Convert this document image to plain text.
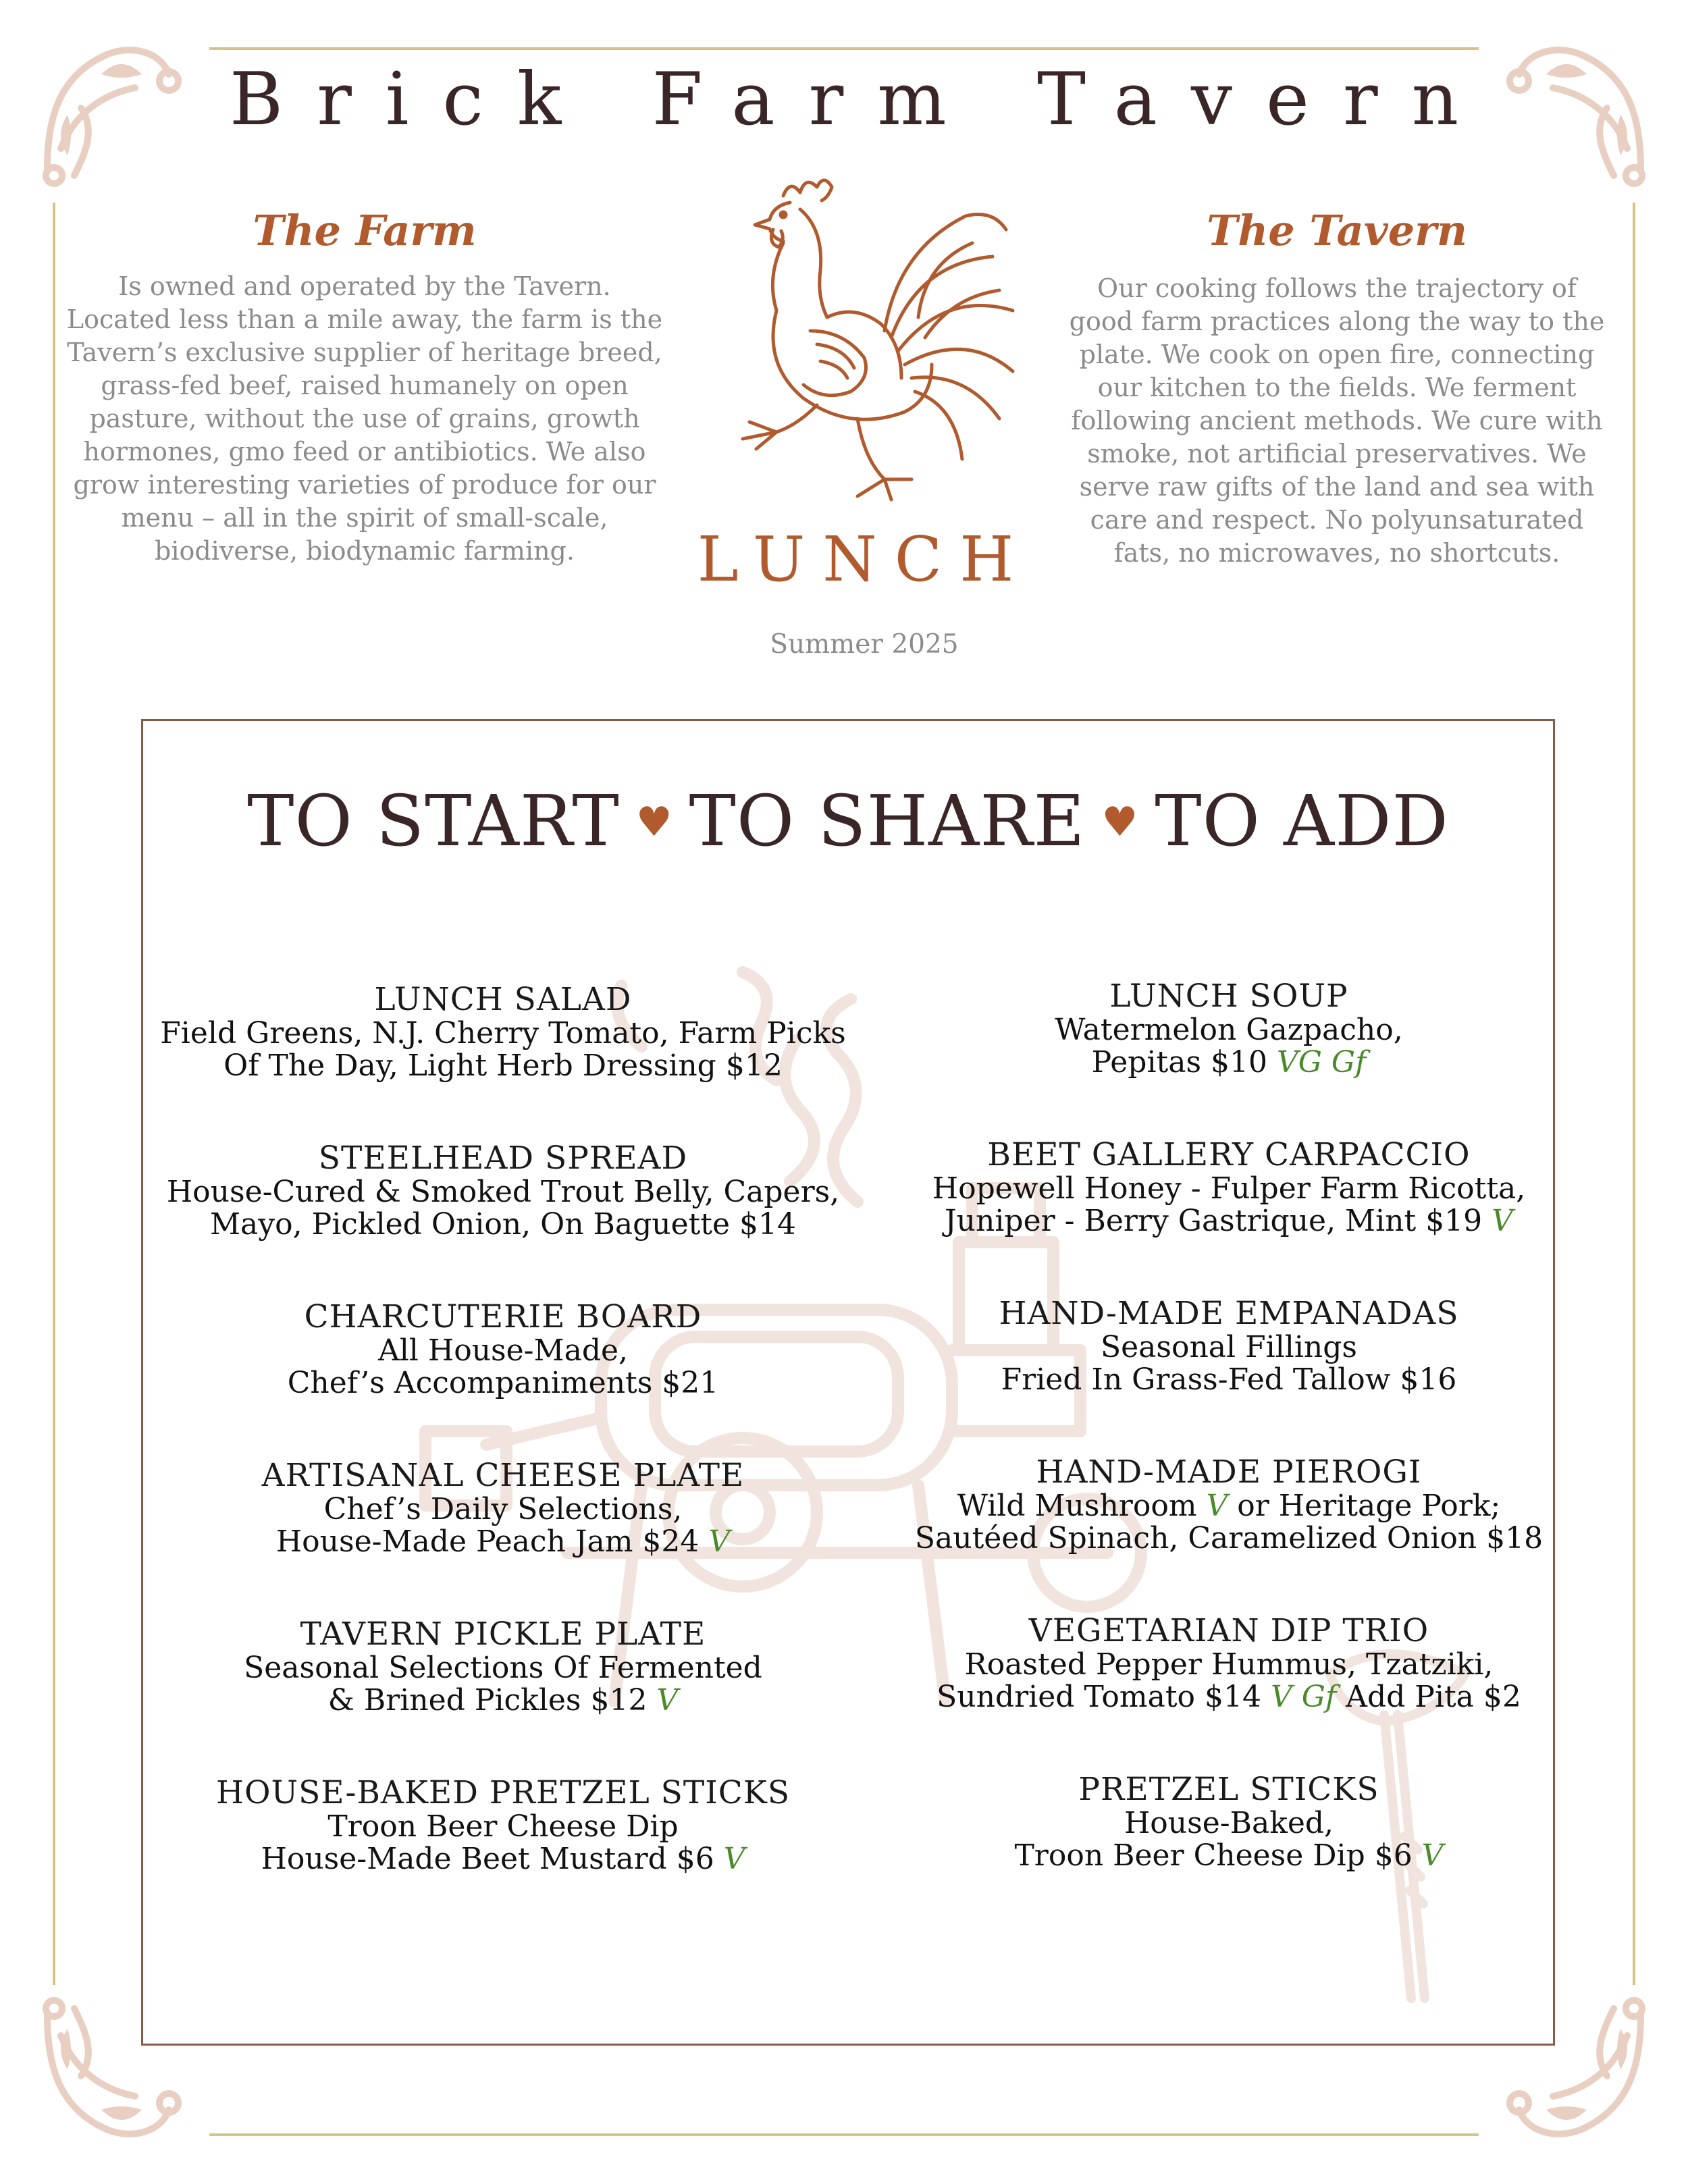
Brick Farm Tavern
The Farm
Is owned and operated by the Tavern.
Located less than a mile away, the farm is the
Tavern’s exclusive supplier of heritage breed,
grass-fed beef, raised humanely on open
pasture, without the use of grains, growth
hormones, gmo feed or antibiotics. We also
grow interesting varieties of produce for our
menu – all in the spirit of small-scale,
biodiverse, biodynamic farming.
The Tavern
Our cooking follows the trajectory of
good farm practices along the way to the
plate. We cook on open fire, connecting
our kitchen to the fields. We ferment
following ancient methods. We cure with
smoke, not artificial preservatives. We
serve raw gifts of the land and sea with
care and respect. No polyunsaturated
fats, no microwaves, no shortcuts.
LUNCH
Summer 2025
TO START ♥ TO SHARE ♥ TO ADD
LUNCH SALAD
Field Greens, N.J. Cherry Tomato, Farm Picks
Of The Day, Light Herb Dressing $12
STEELHEAD SPREAD
House-Cured & Smoked Trout Belly, Capers,
Mayo, Pickled Onion, On Baguette $14
CHARCUTERIE BOARD
All House-Made,
Chef’s Accompaniments $21
ARTISANAL CHEESE PLATE
Chef’s Daily Selections,
House-Made Peach Jam $24 V
TAVERN PICKLE PLATE
Seasonal Selections Of Fermented
& Brined Pickles $12 V
HOUSE-BAKED PRETZEL STICKS
Troon Beer Cheese Dip
House-Made Beet Mustard $6 V
LUNCH SOUP
Watermelon Gazpacho,
Pepitas $10 VG Gf
BEET GALLERY CARPACCIO
Hopewell Honey - Fulper Farm Ricotta,
Juniper - Berry Gastrique, Mint $19 V
HAND-MADE EMPANADAS
Seasonal Fillings
Fried In Grass-Fed Tallow $16
HAND-MADE PIEROGI
Wild Mushroom V or Heritage Pork;
Sautéed Spinach, Caramelized Onion $18
VEGETARIAN DIP TRIO
Roasted Pepper Hummus, Tzatziki,
Sundried Tomato $14 V Gf Add Pita $2
PRETZEL STICKS
House-Baked,
Troon Beer Cheese Dip $6 V
